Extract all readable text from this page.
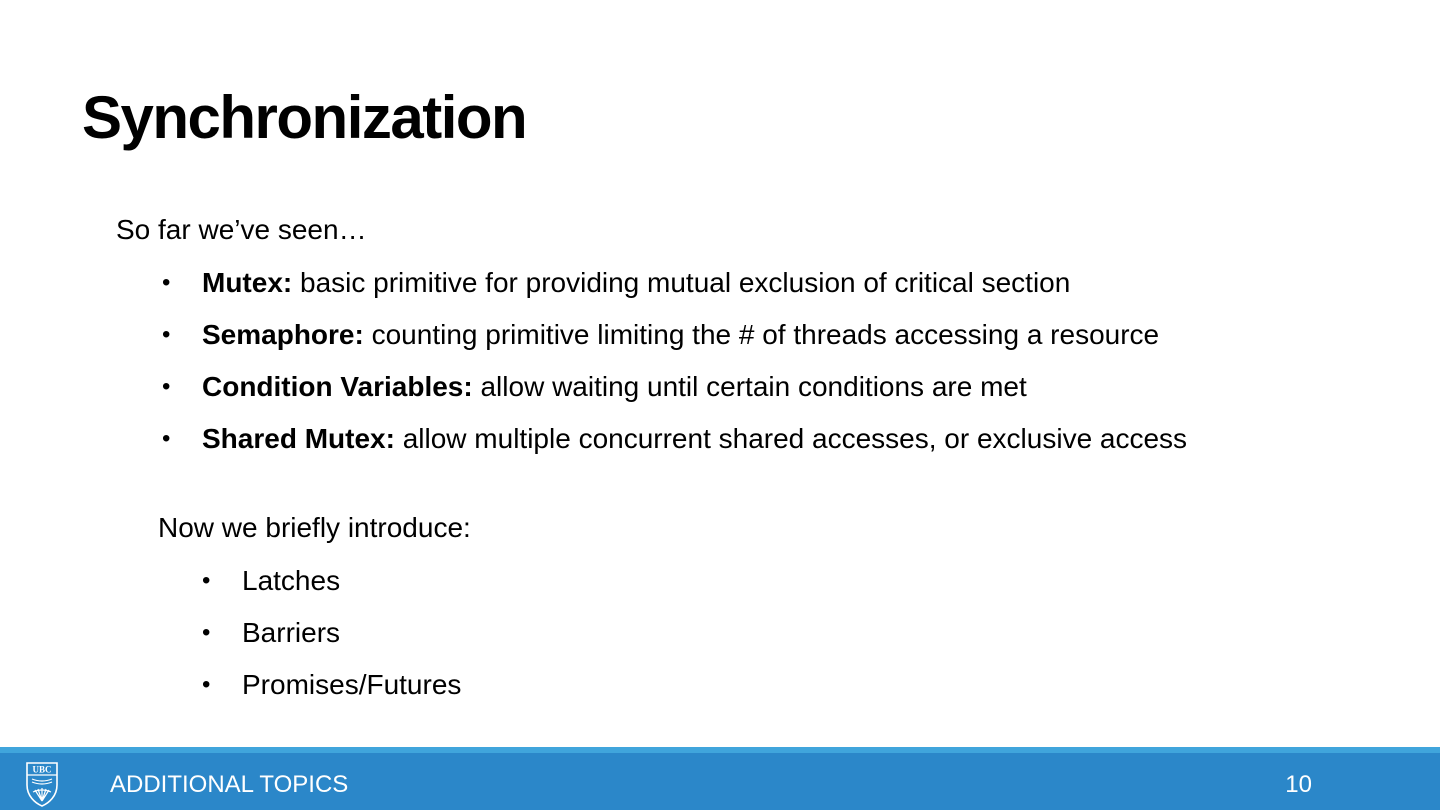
Synchronization
So far we’ve seen…
• Mutex: basic primitive for providing mutual exclusion of critical section
• Semaphore: counting primitive limiting the # of threads accessing a resource
• Condition Variables: allow waiting until certain conditions are met
• Shared Mutex: allow multiple concurrent shared accesses, or exclusive access
Now we briefly introduce:
• Latches
• Barriers
• Promises/Futures
UBC
ADDITIONAL TOPICS	10
